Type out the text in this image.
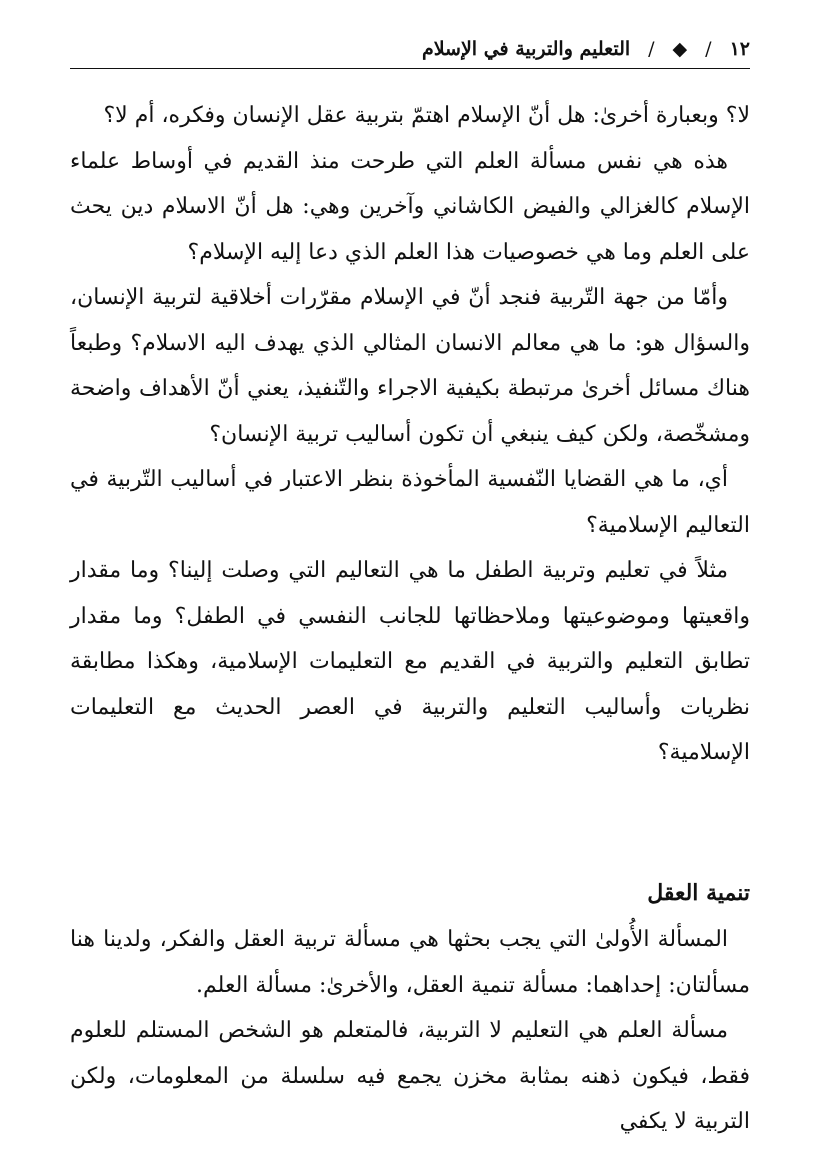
١٢
/
◆
/
التعليم والتربية في الإسلام

لا؟ وبعبارة أخرىٰ: هل أنّ الإسلام اهتمّ بتربية عقل الإنسان وفكره، أم لا؟

هذه هي نفس مسألة العلم التي طرحت منذ القديم في أوساط علماء الإسلام كالغزالي والفيض الكاشاني وآخرين وهي: هل أنّ الاسلام دين يحث على العلم وما هي خصوصيات هذا العلم الذي دعا إليه الإسلام؟

وأمّا من جهة التّربية فنجد أنّ في الإسلام مقرّرات أخلاقية لتربية الإنسان، والسؤال هو: ما هي معالم الانسان المثالي الذي يهدف اليه الاسلام؟ وطبعاً هناك مسائل أخرىٰ مرتبطة بكيفية الاجراء والتّنفيذ، يعني أنّ الأهداف واضحة ومشخّصة، ولكن كيف ينبغي أن تكون أساليب تربية الإنسان؟

أي، ما هي القضايا النّفسية المأخوذة بنظر الاعتبار في أساليب التّربية في التعاليم الإسلامية؟

مثلاً في تعليم وتربية الطفل ما هي التعاليم التي وصلت إلينا؟ وما مقدار واقعيتها وموضوعيتها وملاحظاتها للجانب النفسي في الطفل؟ وما مقدار تطابق التعليم والتربية في القديم مع التعليمات الإسلامية، وهكذا مطابقة نظريات وأساليب التعليم والتربية في العصر الحديث مع التعليمات الإسلامية؟

تنمية العقل

المسألة الأُولىٰ التي يجب بحثها هي مسألة تربية العقل والفكر، ولدينا هنا مسألتان: إحداهما: مسألة تنمية العقل، والأخرىٰ: مسألة العلم.

مسألة العلم هي التعليم لا التربية، فالمتعلم هو الشخص المستلم للعلوم فقط، فيكون ذهنه بمثابة مخزن يجمع فيه سلسلة من المعلومات، ولكن التربية لا يكفي
